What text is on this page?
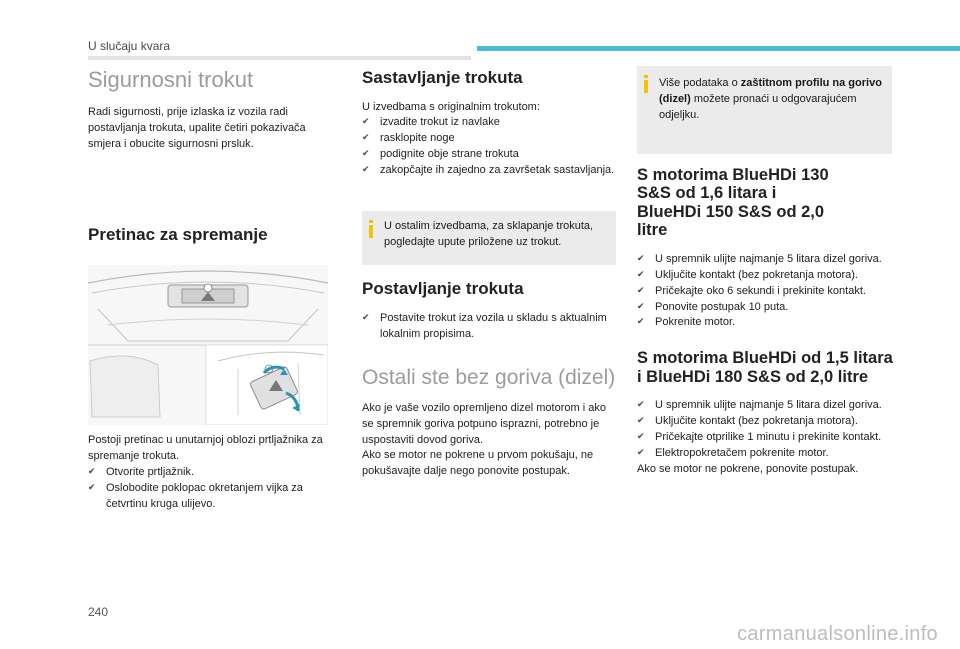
U slučaju kvara
Sigurnosni trokut

Radi sigurnosti, prije izlaska iz vozila radi postavljanja trokuta, upalite četiri pokazivača smjera i obucite sigurnosni prsluk.

Pretinac za spremanje

Postoji pretinac u unutarnjoj oblozi prtljažnika za spremanje trokuta.

✔ Otvorite prtljažnik.
✔ Oslobodite poklopac okretanjem vijka za četvrtinu kruga ulijevo.
Sastavljanje trokuta

U izvedbama s originalnim trokutom:

✔ izvadite trokut iz navlake
✔ rasklopite noge
✔ podignite obje strane trokuta
✔ zakopčajte ih zajedno za završetak sastavljanja.
U ostalim izvedbama, za sklapanje trokuta, pogledajte upute priložene uz trokut.
Postavljanje trokuta
✔ Postavite trokut iza vozila u skladu s aktualnim lokalnim propisima.
Ostali ste bez goriva (dizel)

Ako je vaše vozilo opremljeno dizel motorom i ako se spremnik goriva potpuno isprazni, potrebno je uspostaviti dovod goriva.

Ako se motor ne pokrene u prvom pokušaju, ne pokušavajte dalje nego ponovite postupak.

Više podataka o zaštitnom profilu na gorivo (dizel) možete pronaći u odgovarajućem odjeljku.
S motorima BlueHDi 130 S&S od 1,6 litara i BlueHDi 150 S&S od 2,0 litre
✔ U spremnik ulijte najmanje 5 litara dizel goriva.
✔ Uključite kontakt (bez pokretanja motora).
✔ Pričekajte oko 6 sekundi i prekinite kontakt.
✔ Ponovite postupak 10 puta.
✔ Pokrenite motor.
S motorima BlueHDi od 1,5 litara i BlueHDi 180 S&S od 2,0 litre
✔ U spremnik ulijte najmanje 5 litara dizel goriva.
✔ Uključite kontakt (bez pokretanja motora).
✔ Pričekajte otprilike 1 minutu i prekinite kontakt.
✔ Elektropokretačem pokrenite motor.

Ako se motor ne pokrene, ponovite postupak.

240
carmanualsonline.info
